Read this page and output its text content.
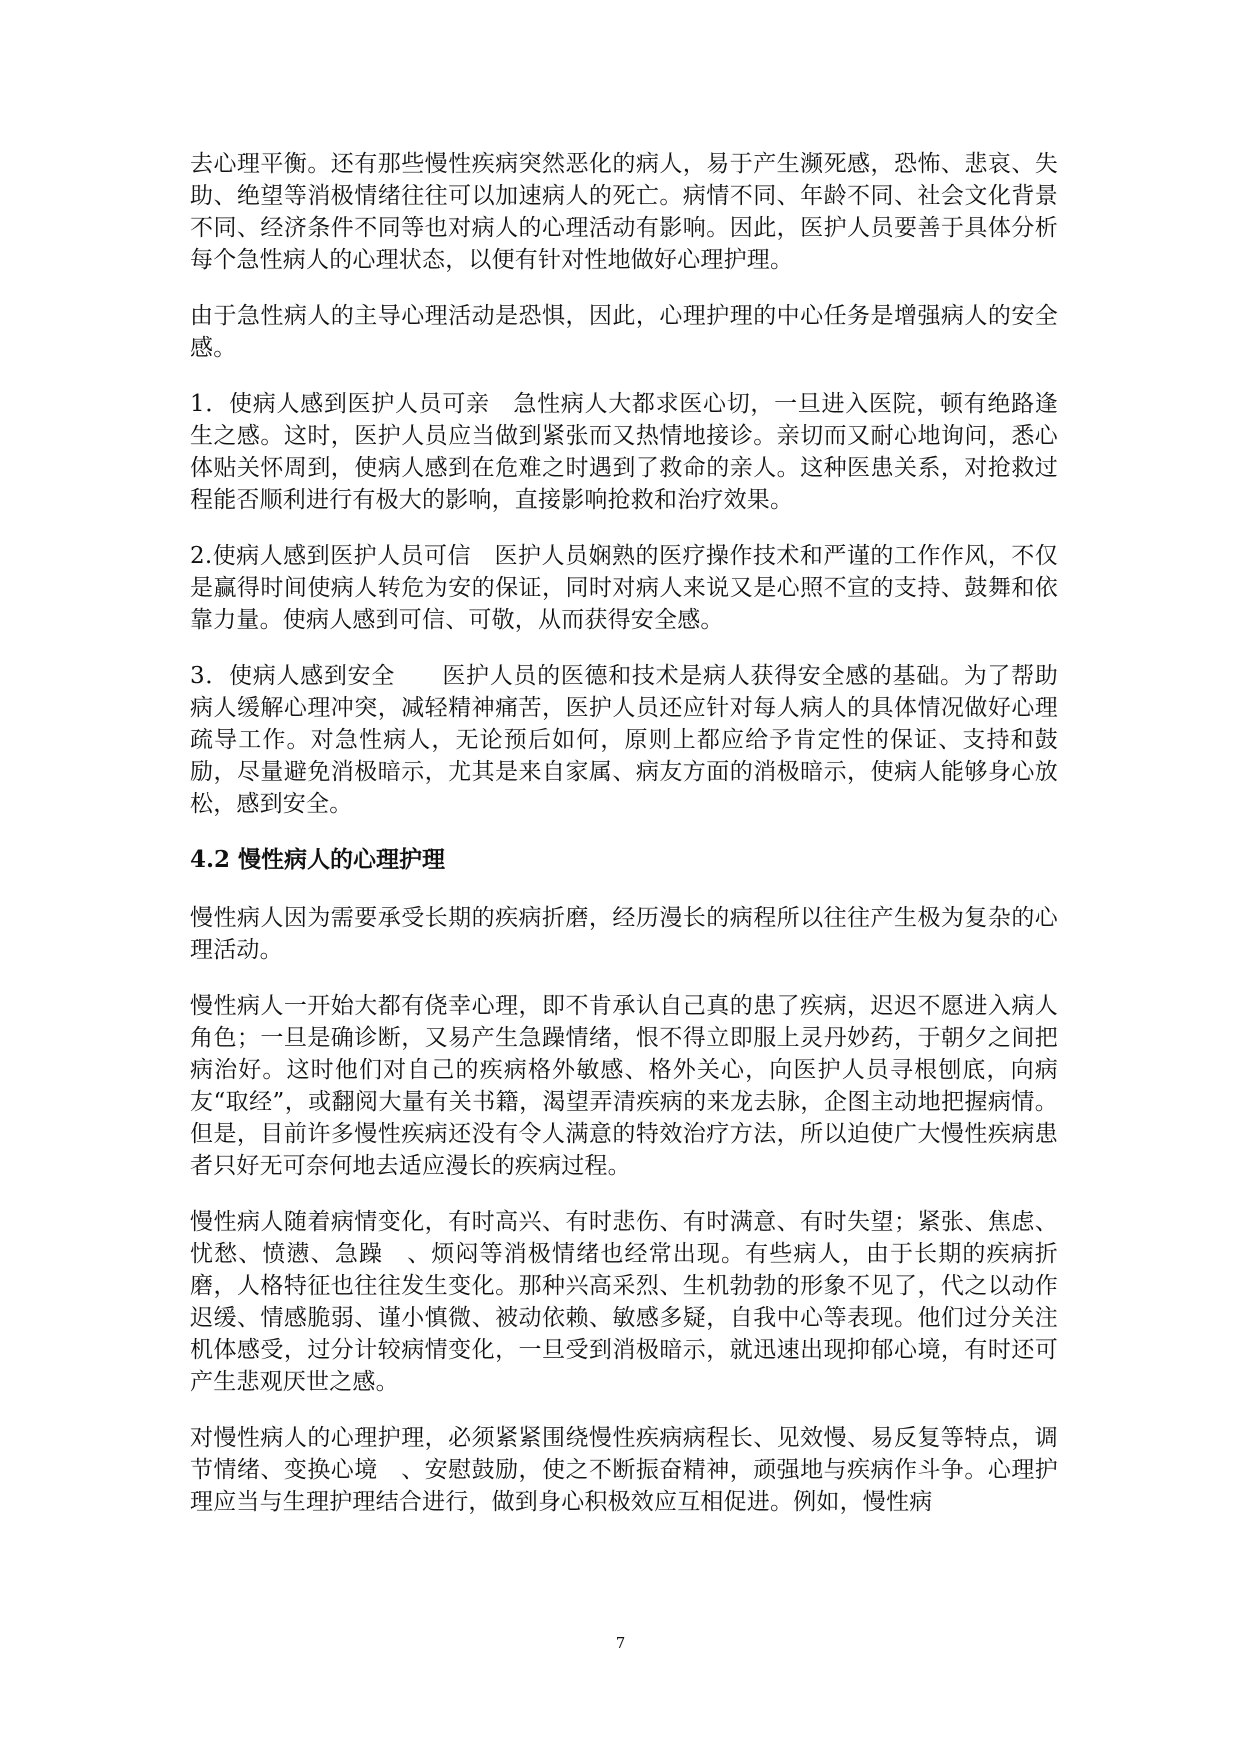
去心理平衡。还有那些慢性疾病突然恶化的病人，易于产生濒死感，恐怖、悲哀、失助、绝望等消极情绪往往可以加速病人的死亡。病情不同、年龄不同、社会文化背景不同、经济条件不同等也对病人的心理活动有影响。因此，医护人员要善于具体分析每个急性病人的心理状态，以便有针对性地做好心理护理。

由于急性病人的主导心理活动是恐惧，因此，心理护理的中心任务是增强病人的安全感。

1．使病人感到医护人员可亲　急性病人大都求医心切，一旦进入医院，顿有绝路逢生之感。这时，医护人员应当做到紧张而又热情地接诊。亲切而又耐心地询问，悉心体贴关怀周到，使病人感到在危难之时遇到了救命的亲人。这种医患关系，对抢救过程能否顺利进行有极大的影响，直接影响抢救和治疗效果。

2.使病人感到医护人员可信　医护人员娴熟的医疗操作技术和严谨的工作作风，不仅是赢得时间使病人转危为安的保证，同时对病人来说又是心照不宣的支持、鼓舞和依靠力量。使病人感到可信、可敬，从而获得安全感。

3．使病人感到安全　　医护人员的医德和技术是病人获得安全感的基础。为了帮助病人缓解心理冲突，减轻精神痛苦，医护人员还应针对每人病人的具体情况做好心理疏导工作。对急性病人，无论预后如何，原则上都应给予肯定性的保证、支持和鼓励，尽量避免消极暗示，尤其是来自家属、病友方面的消极暗示，使病人能够身心放松，感到安全。

4.2 慢性病人的心理护理

慢性病人因为需要承受长期的疾病折磨，经历漫长的病程所以往往产生极为复杂的心理活动。

慢性病人一开始大都有侥幸心理，即不肯承认自己真的患了疾病，迟迟不愿进入病人角色；一旦是确诊断，又易产生急躁情绪，恨不得立即服上灵丹妙药，于朝夕之间把病治好。这时他们对自己的疾病格外敏感、格外关心，向医护人员寻根刨底，向病友“取经”，或翻阅大量有关书籍，渴望弄清疾病的来龙去脉，企图主动地把握病情。但是，目前许多慢性疾病还没有令人满意的特效治疗方法，所以迫使广大慢性疾病患者只好无可奈何地去适应漫长的疾病过程。

慢性病人随着病情变化，有时高兴、有时悲伤、有时满意、有时失望；紧张、焦虑、忧愁、愤懑、急躁　、烦闷等消极情绪也经常出现。有些病人，由于长期的疾病折磨，人格特征也往往发生变化。那种兴高采烈、生机勃勃的形象不见了，代之以动作迟缓、情感脆弱、谨小慎微、被动依赖、敏感多疑，自我中心等表现。他们过分关注机体感受，过分计较病情变化，一旦受到消极暗示，就迅速出现抑郁心境，有时还可产生悲观厌世之感。

对慢性病人的心理护理，必须紧紧围绕慢性疾病病程长、见效慢、易反复等特点，调节情绪、变换心境　、安慰鼓励，使之不断振奋精神，顽强地与疾病作斗争。心理护理应当与生理护理结合进行，做到身心积极效应互相促进。例如，慢性病

7
